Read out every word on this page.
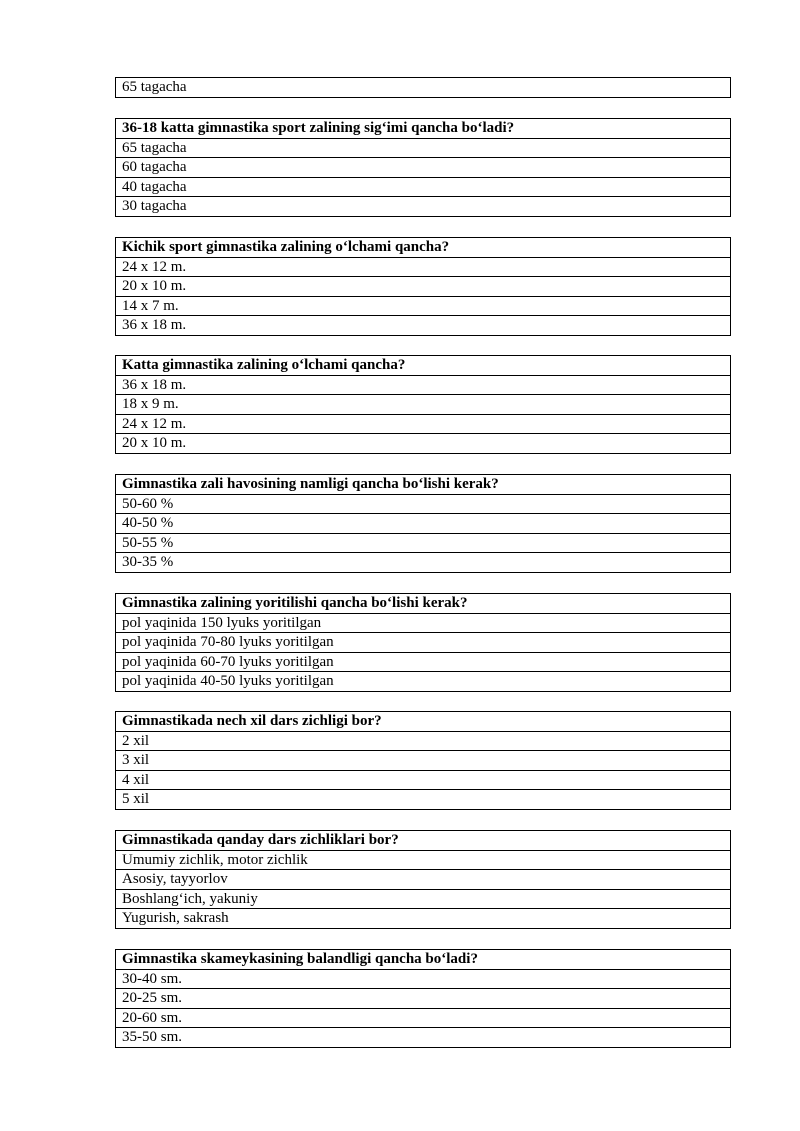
65 tagacha
36-18 katta gimnastika sport zalining sig‘imi qancha bo‘ladi?
65 tagacha
60 tagacha
40 tagacha
30 tagacha
Kichik sport gimnastika zalining o‘lchami qancha?
24 x 12 m.
20 x 10 m.
14 x 7 m.
36 x 18 m.
Katta gimnastika zalining o‘lchami qancha?
36 x 18 m.
18 x 9 m.
24 x 12 m.
20 x 10 m.
Gimnastika zali havosining namligi qancha bo‘lishi kerak?
50-60 %
40-50 %
50-55 %
30-35 %
Gimnastika zalining yoritilishi qancha bo‘lishi kerak?
pol yaqinida 150 lyuks yoritilgan
pol yaqinida 70-80 lyuks yoritilgan
pol yaqinida 60-70 lyuks yoritilgan
pol yaqinida 40-50 lyuks yoritilgan
Gimnastikada nech xil dars zichligi bor?
2 xil
3 xil
4 xil
5 xil
Gimnastikada qanday dars zichliklari bor?
Umumiy zichlik, motor zichlik
Asosiy, tayyorlov
Boshlang‘ich, yakuniy
Yugurish, sakrash
Gimnastika skameykasining balandligi qancha bo‘ladi?
30-40 sm.
20-25 sm.
20-60 sm.
35-50 sm.
